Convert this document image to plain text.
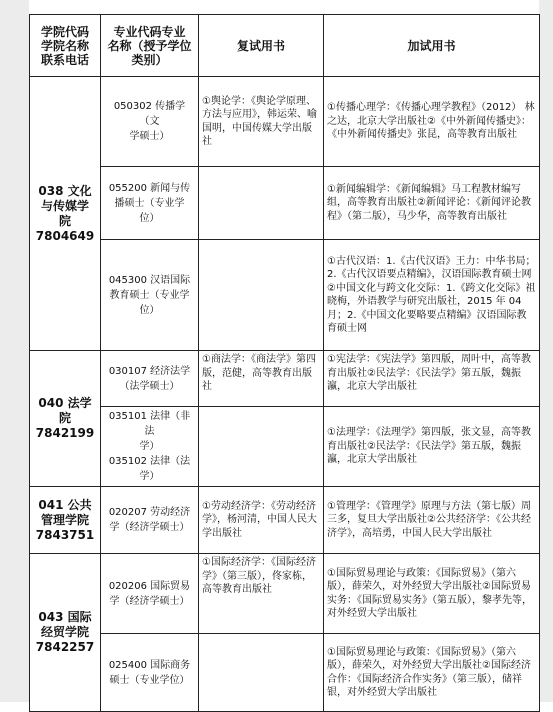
学院代码
学院名称
联系电话	专业代码专业
名称（授予学位
类别）	复试用书	加试用书

038 文化
与传媒学
院
7804649	050302 传播学（文
学硕士）	①舆论学：《舆论学原理、方法与应用》，韩运荣、喻国明，中国传媒大学出版社	①传播心理学：《传播心理学教程》（2012） 林之达，北京大学出版社②《中外新闻传播史》：《中外新闻传播史》张昆，高等教育出版社

	055200 新闻与传
播硕士（专业学
位）		①新闻编辑学：《新闻编辑》马工程教材编写组，高等教育出版社②新闻评论：《新闻评论教程》（第二版），马少华，高等教育出版社

	045300 汉语国际
教育硕士（专业学
位）		①古代汉语：1.《古代汉语》王力：中华书局；2.《古代汉语要点精编》，汉语国际教育硕士网 ②中国文化与跨文化交际：1.《跨文化交际》祖晓梅，外语教学与研究出版社，2015 年 04 月；2.《中国文化要略要点精编》汉语国际教育硕士网

040 法学
院
7842199	030107 经济法学
（法学硕士）	①商法学：《商法学》第四版，范健，高等教育出版社	①宪法学：《宪法学》第四版，周叶中，高等教育出版社②民法学：《民法学》第五版，魏振瀛，北京大学出版社

	035101 法律（非法
学）
035102 法律（法
学）		①法理学：《法理学》第四版，张文显，高等教育出版社②民法学：《民法学》第五版，魏振瀛，北京大学出版社

041 公共
管理学院
7843751	020207 劳动经济
学（经济学硕士）	①劳动经济学：《劳动经济学》，杨河清，中国人民大学出版社	①管理学：《管理学》原理与方法（第七版）周三多，复旦大学出版社②公共经济学：《公共经济学》，高培勇，中国人民大学出版社

043 国际
经贸学院
7842257	020206 国际贸易
学（经济学硕士）	①国际经济学：《国际经济学》（第三版），佟家栋，高等教育出版社	①国际贸易理论与政策：《国际贸易》（第六版），薛荣久，对外经贸大学出版社②国际贸易实务：《国际贸易实务》（第五版），黎孝先等，对外经贸大学出版社

	025400 国际商务
硕士（专业学位）		①国际贸易理论与政策：《国际贸易》（第六版），薛荣久，对外经贸大学出版社②国际经济合作：《国际经济合作实务》（第三版），储祥银，对外经贸大学出版社
